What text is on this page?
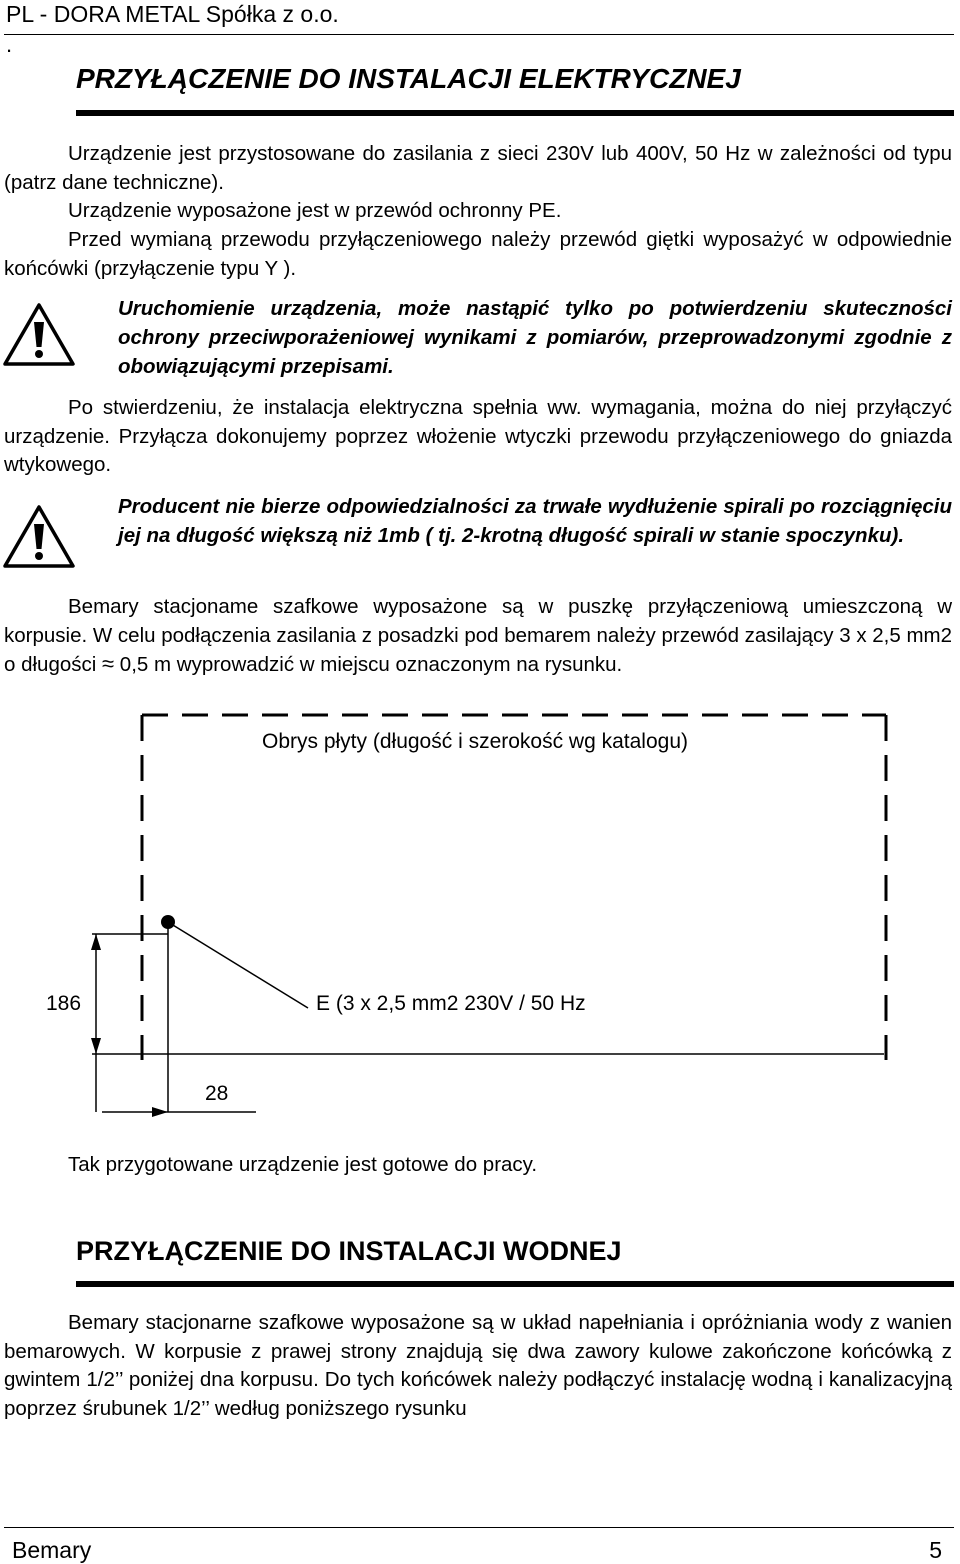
PL - DORA METAL Spółka z o.o.
.
PRZYŁĄCZENIE DO INSTALACJI ELEKTRYCZNEJ
Urządzenie jest przystosowane do zasilania z sieci 230V lub 400V, 50 Hz w zależności od typu (patrz dane techniczne).
Urządzenie wyposażone jest w przewód ochronny PE.
Przed wymianą przewodu przyłączeniowego należy przewód giętki wyposażyć w odpowiednie końcówki (przyłączenie typu Y ).
Uruchomienie urządzenia, może nastąpić tylko po potwierdzeniu skuteczności ochrony przeciwporażeniowej wynikami z pomiarów, przeprowadzonymi zgodnie z obowiązującymi przepisami.
Po stwierdzeniu, że instalacja elektryczna spełnia ww. wymagania, można do niej przyłączyć urządzenie. Przyłącza dokonujemy poprzez włożenie wtyczki przewodu przyłączeniowego do gniazda wtykowego.
Producent nie bierze odpowiedzialności za trwałe wydłużenie spirali po rozciągnięciu jej na długość większą niż 1mb ( tj. 2-krotną długość spirali w stanie spoczynku).
Bemary stacjoname szafkowe wyposażone są w puszkę przyłączeniową umieszczoną w korpusie. W celu podłączenia zasilania z posadzki pod bemarem należy przewód zasilający 3 x 2,5 mm2 o długości ≈ 0,5 m wyprowadzić w miejscu oznaczonym na rysunku.
Obrys płyty (długość i szerokość wg katalogu)
186
28
E (3 x 2,5 mm2 230V / 50 Hz
Tak przygotowane urządzenie jest gotowe do pracy.
PRZYŁĄCZENIE DO INSTALACJI WODNEJ
Bemary stacjonarne szafkowe wyposażone są w układ napełniania i opróżniania wody z wanien bemarowych. W korpusie z prawej strony znajdują się dwa zawory kulowe zakończone końcówką z gwintem 1/2’’ poniżej dna korpusu. Do tych końcówek należy podłączyć instalację wodną i kanalizacyjną poprzez śrubunek 1/2’’ według poniższego rysunku
Bemary	5
